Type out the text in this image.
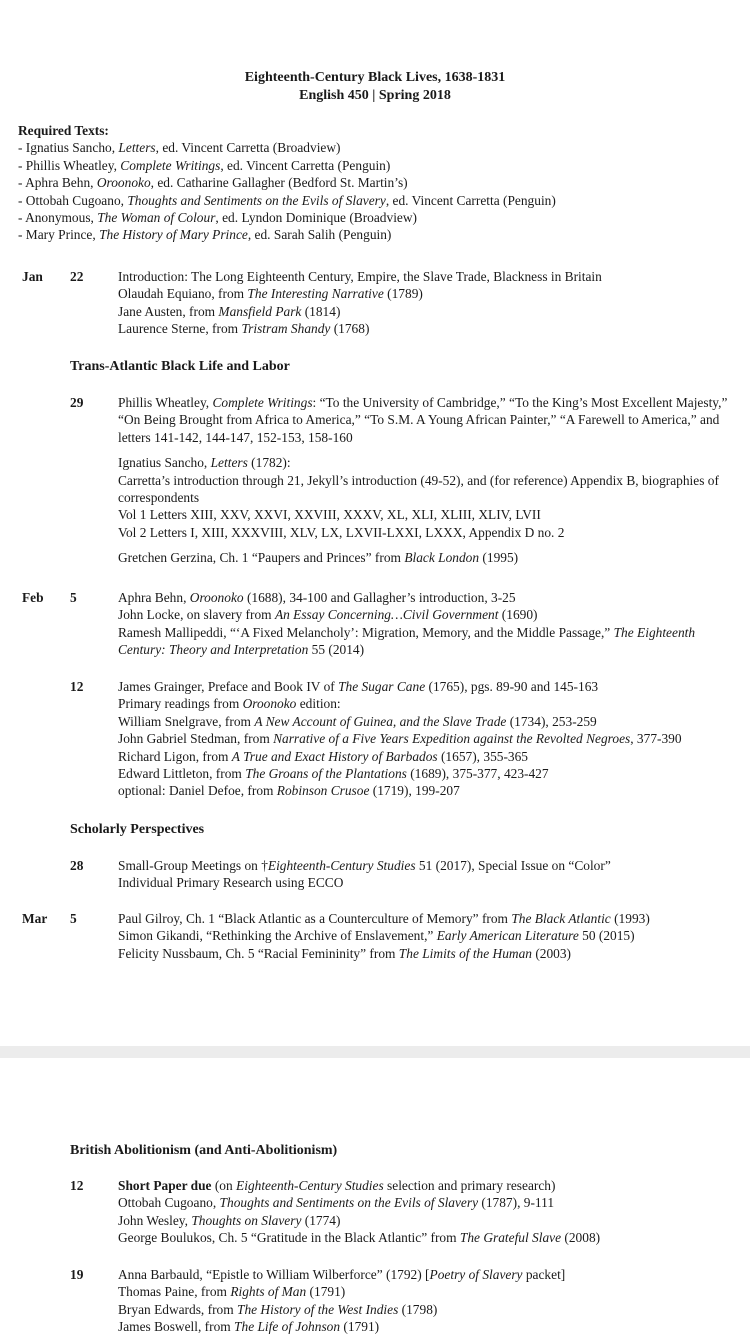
Eighteenth-Century Black Lives, 1638-1831
English 450 | Spring 2018
Required Texts:
- Ignatius Sancho, Letters, ed. Vincent Carretta (Broadview)
- Phillis Wheatley, Complete Writings, ed. Vincent Carretta (Penguin)
- Aphra Behn, Oroonoko, ed. Catharine Gallagher (Bedford St. Martin’s)
- Ottobah Cugoano, Thoughts and Sentiments on the Evils of Slavery, ed. Vincent Carretta (Penguin)
- Anonymous, The Woman of Colour, ed. Lyndon Dominique (Broadview)
- Mary Prince, The History of Mary Prince, ed. Sarah Salih (Penguin)
Jan 22	Introduction: The Long Eighteenth Century, Empire, the Slave Trade, Blackness in Britain
Olaudah Equiano, from The Interesting Narrative (1789)
Jane Austen, from Mansfield Park (1814)
Laurence Sterne, from Tristram Shandy (1768)
Trans-Atlantic Black Life and Labor
29	Phillis Wheatley, Complete Writings: “To the University of Cambridge,” “To the King’s Most Excellent Majesty,” “On Being Brought from Africa to America,” “To S.M. A Young African Painter,” “A Farewell to America,” and letters 141-142, 144-147, 152-153, 158-160
Ignatius Sancho, Letters (1782):
Carretta’s introduction through 21, Jekyll’s introduction (49-52), and (for reference) Appendix B, biographies of correspondents
Vol 1 Letters XIII, XXV, XXVI, XXVIII, XXXV, XL, XLI, XLIII, XLIV, LVII
Vol 2 Letters I, XIII, XXXVIII, XLV, LX, LXVII-LXXI, LXXX, Appendix D no. 2
Gretchen Gerzina, Ch. 1 “Paupers and Princes” from Black London (1995)
Feb 5	Aphra Behn, Oroonoko (1688), 34-100 and Gallagher’s introduction, 3-25
John Locke, on slavery from An Essay Concerning…Civil Government (1690)
Ramesh Mallipeddi, “‘A Fixed Melancholy’: Migration, Memory, and the Middle Passage,” The Eighteenth Century: Theory and Interpretation 55 (2014)
12	James Grainger, Preface and Book IV of The Sugar Cane (1765), pgs. 89-90 and 145-163
Primary readings from Oroonoko edition:
William Snelgrave, from A New Account of Guinea, and the Slave Trade (1734), 253-259
John Gabriel Stedman, from Narrative of a Five Years Expedition against the Revolted Negroes, 377-390
Richard Ligon, from A True and Exact History of Barbados (1657), 355-365
Edward Littleton, from The Groans of the Plantations (1689), 375-377, 423-427
optional: Daniel Defoe, from Robinson Crusoe (1719), 199-207
Scholarly Perspectives
28	Small-Group Meetings on †Eighteenth-Century Studies 51 (2017), Special Issue on “Color”
Individual Primary Research using ECCO
Mar 5	Paul Gilroy, Ch. 1 “Black Atlantic as a Counterculture of Memory” from The Black Atlantic (1993)
Simon Gikandi, “Rethinking the Archive of Enslavement,” Early American Literature 50 (2015)
Felicity Nussbaum, Ch. 5 “Racial Femininity” from The Limits of the Human (2003)
British Abolitionism (and Anti-Abolitionism)
12	Short Paper due (on Eighteenth-Century Studies selection and primary research)
Ottobah Cugoano, Thoughts and Sentiments on the Evils of Slavery (1787), 9-111
John Wesley, Thoughts on Slavery (1774)
George Boulukos, Ch. 5 “Gratitude in the Black Atlantic” from The Grateful Slave (2008)
19	Anna Barbauld, “Epistle to William Wilberforce” (1792) [Poetry of Slavery packet]
Thomas Paine, from Rights of Man (1791)
Bryan Edwards, from The History of the West Indies (1798)
James Boswell, from The Life of Johnson (1791)
